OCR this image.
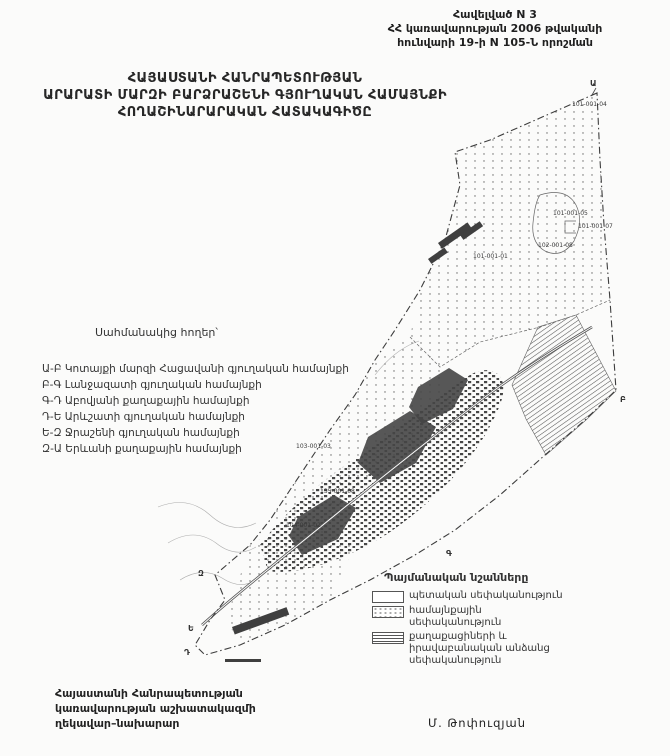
Հավելված N 3
ՀՀ կառավարության 2006 թվականի
հունվարի 19-ի N 105-Ն որոշման
ՀԱՅԱՍՏԱՆԻ ՀԱՆՐԱՊԵՏՈՒԹՅԱՆ
ԱՐԱՐԱՏԻ ՄԱՐԶԻ ԲԱՐՁՐԱՇԵՆԻ ԳՅՈՒՂԱԿԱՆ ՀԱՄԱՅՆՔԻ
ՀՈՂԱՇԻՆԱՐԱՐԱԿԱՆ ՀԱՏԱԿԱԳԻԾԸ
101-001-04
101-001-05
101-001-07
101-001-01
102-001-08
103-001-03
135-001-08
104-001-02
Ա
Բ
Գ
Դ
Ե
Զ
Սահմանակից հողեր՝
Ա-Բ Կոտայքի մարզի Հացավանի գյուղական համայնքի
Բ-Գ Լանջազատի գյուղական համայնքի
Գ-Դ Աբովյանի քաղաքային համայնքի
Դ-Ե Արևշատի գյուղական համայնքի
Ե-Զ Ջրաշենի գյուղական համայնքի
Զ-Ա Երևանի քաղաքային համայնքի
Պայմանական նշանները
պետական սեփականություն
համայնքային սեփականություն
քաղաքացիների և իրավաբանական անձանց սեփականություն
Հայաստանի Հանրապետության
կառավարության աշխատակազմի
ղեկավար–նախարար	Մ. Թոփուզյան
